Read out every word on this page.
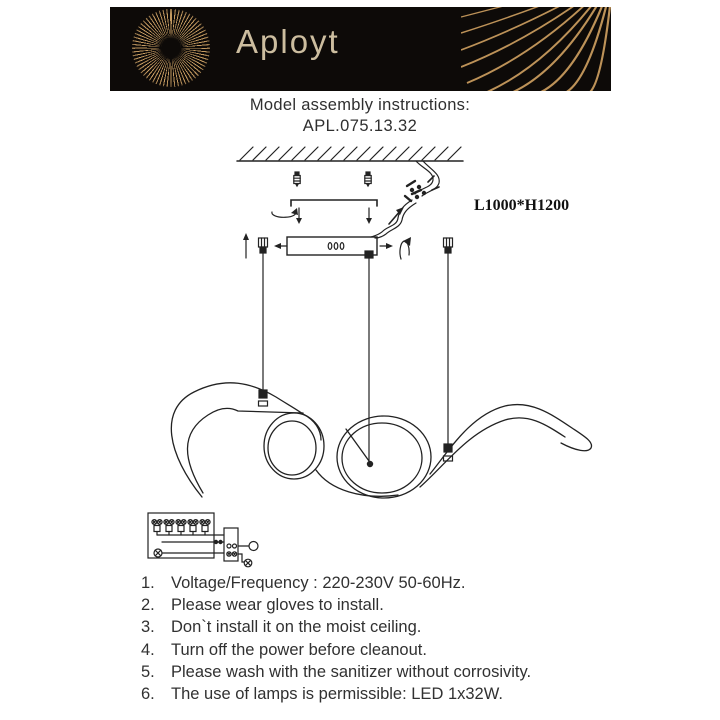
Aployt
Model assembly instructions:
APL.075.13.32
L1000*H1200
1. Voltage/Frequency : 220-230V 50-60Hz.
2. Please wear gloves to install.
3. Don`t install it on the moist ceiling.
4. Turn off the power before cleanout.
5. Please wash with the sanitizer without corrosivity.
6. The use of lamps is permissible: LED 1x32W.
